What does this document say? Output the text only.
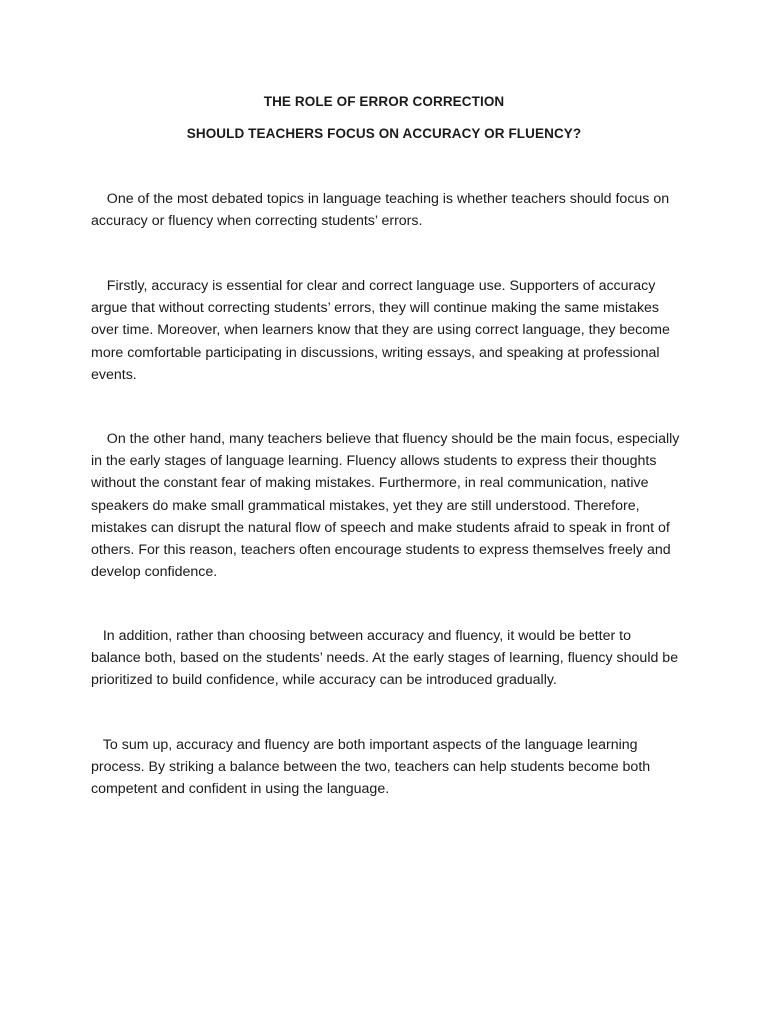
THE ROLE OF ERROR CORRECTION
SHOULD TEACHERS FOCUS ON ACCURACY OR FLUENCY?

One of the most debated topics in language teaching is whether teachers should focus on accuracy or fluency when correcting students’ errors.

Firstly, accuracy is essential for clear and correct language use. Supporters of accuracy argue that without correcting students’ errors, they will continue making the same mistakes over time. Moreover, when learners know that they are using correct language, they become more comfortable participating in discussions, writing essays, and speaking at professional events.

On the other hand, many teachers believe that fluency should be the main focus, especially in the early stages of language learning. Fluency allows students to express their thoughts without the constant fear of making mistakes. Furthermore, in real communication, native speakers do make small grammatical mistakes, yet they are still understood. Therefore, mistakes can disrupt the natural flow of speech and make students afraid to speak in front of others. For this reason, teachers often encourage students to express themselves freely and develop confidence.

In addition, rather than choosing between accuracy and fluency, it would be better to balance both, based on the students’ needs. At the early stages of learning, fluency should be prioritized to build confidence, while accuracy can be introduced gradually.

To sum up, accuracy and fluency are both important aspects of the language learning process. By striking a balance between the two, teachers can help students become both competent and confident in using the language.
